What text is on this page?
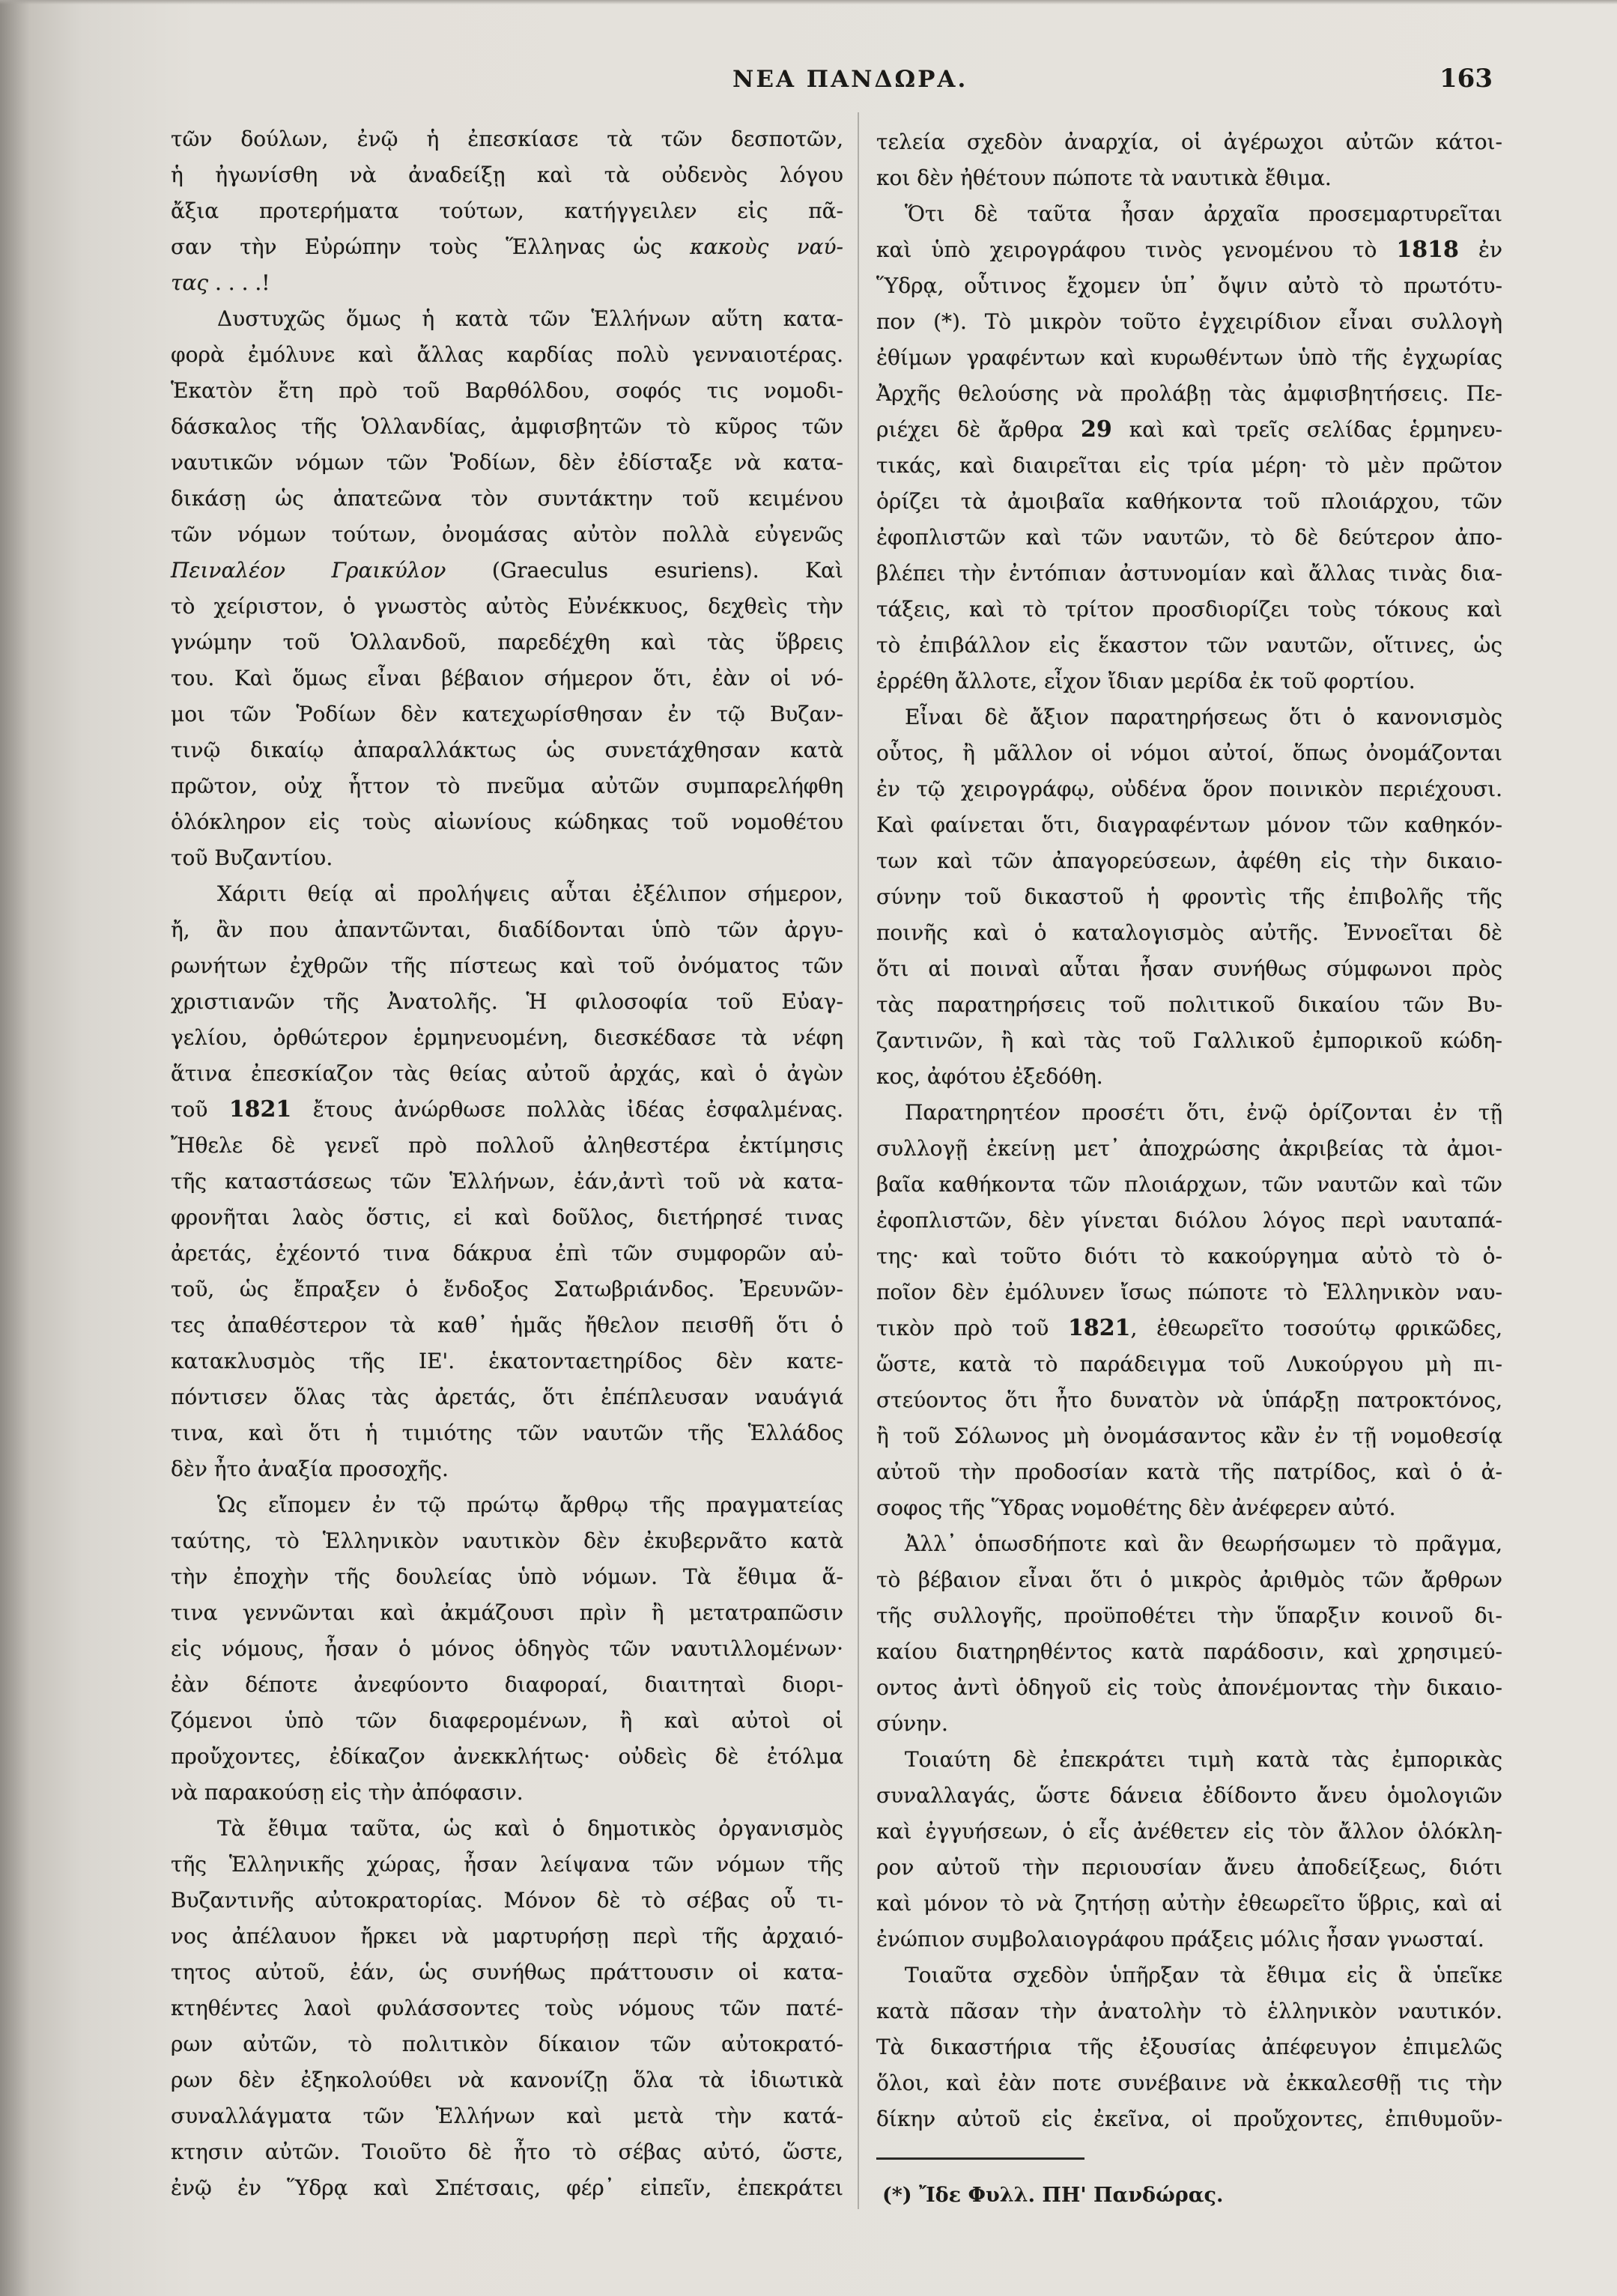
ΝΕΑ ΠΑΝΔΩΡΑ.	163
τῶν δούλων, ἐνῷ ἡ ἐπεσκίασε τὰ τῶν δεσποτῶν,
ἡ ἠγωνίσθη νὰ ἀναδείξῃ καὶ τὰ οὐδενὸς λόγου
ἄξια προτερήματα τούτων, κατήγγειλεν εἰς πᾶ-
σαν τὴν Εὐρώπην τοὺς Ἕλληνας ὡς κακοὺς ναύ-
τας . . . .!
Δυστυχῶς ὅμως ἡ κατὰ τῶν Ἑλλήνων αὕτη κατα-
φορὰ ἐμόλυνε καὶ ἄλλας καρδίας πολὺ γενναιοτέρας.
Ἑκατὸν ἔτη πρὸ τοῦ Βαρθόλδου, σοφός τις νομοδι-
δάσκαλος τῆς Ὁλλανδίας, ἀμφισβητῶν τὸ κῦρος τῶν
ναυτικῶν νόμων τῶν Ῥοδίων, δὲν ἐδίσταξε νὰ κατα-
δικάσῃ ὡς ἀπατεῶνα τὸν συντάκτην τοῦ κειμένου
τῶν νόμων τούτων, ὀνομάσας αὐτὸν πολλὰ εὐγενῶς
Πειναλέον Γραικύλον (Graeculus esuriens). Καὶ
τὸ χείριστον, ὁ γνωστὸς αὐτὸς Εὐνέκκυος, δεχθεὶς τὴν
γνώμην τοῦ Ὁλλανδοῦ, παρεδέχθη καὶ τὰς ὕβρεις
του. Καὶ ὅμως εἶναι βέβαιον σήμερον ὅτι, ἐὰν οἱ νό-
μοι τῶν Ῥοδίων δὲν κατεχωρίσθησαν ἐν τῷ Βυζαν-
τινῷ δικαίῳ ἀπαραλλάκτως ὡς συνετάχθησαν κατὰ
πρῶτον, οὐχ ἧττον τὸ πνεῦμα αὐτῶν συμπαρελήφθη
ὁλόκληρον εἰς τοὺς αἰωνίους κώδηκας τοῦ νομοθέτου
τοῦ Βυζαντίου.
Χάριτι θείᾳ αἱ προλήψεις αὗται ἐξέλιπον σήμερον,
ἤ, ἂν που ἀπαντῶνται, διαδίδονται ὑπὸ τῶν ἀργυ-
ρωνήτων ἐχθρῶν τῆς πίστεως καὶ τοῦ ὀνόματος τῶν
χριστιανῶν τῆς Ἀνατολῆς. Ἡ φιλοσοφία τοῦ Εὐαγ-
γελίου, ὀρθώτερον ἑρμηνευομένη, διεσκέδασε τὰ νέφη
ἅτινα ἐπεσκίαζον τὰς θείας αὐτοῦ ἀρχάς, καὶ ὁ ἀγὼν
τοῦ 1821 ἔτους ἀνώρθωσε πολλὰς ἰδέας ἐσφαλμένας.
Ἤθελε δὲ γενεῖ πρὸ πολλοῦ ἀληθεστέρα ἐκτίμησις
τῆς καταστάσεως τῶν Ἑλλήνων, ἐάν,ἀντὶ τοῦ νὰ κατα-
φρονῆται λαὸς ὅστις, εἰ καὶ δοῦλος, διετήρησέ τινας
ἀρετάς, ἐχέοντό τινα δάκρυα ἐπὶ τῶν συμφορῶν αὐ-
τοῦ, ὡς ἔπραξεν ὁ ἔνδοξος Σατωβριάνδος. Ἐρευνῶν-
τες ἀπαθέστερον τὰ καθ᾽ ἡμᾶς ἤθελον πεισθῆ ὅτι ὁ
κατακλυσμὸς τῆς ΙΕ'. ἑκατονταετηρίδος δὲν κατε-
πόντισεν ὅλας τὰς ἀρετάς, ὅτι ἐπέπλευσαν ναυάγιά
τινα, καὶ ὅτι ἡ τιμιότης τῶν ναυτῶν τῆς Ἑλλάδος
δὲν ἦτο ἀναξία προσοχῆς.
Ὡς εἴπομεν ἐν τῷ πρώτῳ ἄρθρῳ τῆς πραγματείας
ταύτης, τὸ Ἑλληνικὸν ναυτικὸν δὲν ἐκυβερνᾶτο κατὰ
τὴν ἐποχὴν τῆς δουλείας ὑπὸ νόμων. Τὰ ἔθιμα ἅ-
τινα γεννῶνται καὶ ἀκμάζουσι πρὶν ἢ μετατραπῶσιν
εἰς νόμους, ἦσαν ὁ μόνος ὁδηγὸς τῶν ναυτιλλομένων·
ἐὰν δέποτε ἀνεφύοντο διαφοραί, διαιτηταὶ διορι-
ζόμενοι ὑπὸ τῶν διαφερομένων, ἢ καὶ αὐτοὶ οἱ
προὔχοντες, ἐδίκαζον ἀνεκκλήτως· οὐδεὶς δὲ ἐτόλμα
νὰ παρακούσῃ εἰς τὴν ἀπόφασιν.
Τὰ ἔθιμα ταῦτα, ὡς καὶ ὁ δημοτικὸς ὀργανισμὸς
τῆς Ἑλληνικῆς χώρας, ἦσαν λείψανα τῶν νόμων τῆς
Βυζαντινῆς αὐτοκρατορίας. Μόνον δὲ τὸ σέβας οὗ τι-
νος ἀπέλαυον ἤρκει νὰ μαρτυρήσῃ περὶ τῆς ἀρχαιό-
τητος αὐτοῦ, ἐάν, ὡς συνήθως πράττουσιν οἱ κατα-
κτηθέντες λαοὶ φυλάσσοντες τοὺς νόμους τῶν πατέ-
ρων αὐτῶν, τὸ πολιτικὸν δίκαιον τῶν αὐτοκρατό-
ρων δὲν ἐξηκολούθει νὰ κανονίζῃ ὅλα τὰ ἰδιωτικὰ
συναλλάγματα τῶν Ἑλλήνων καὶ μετὰ τὴν κατά-
κτησιν αὐτῶν. Τοιοῦτο δὲ ἦτο τὸ σέβας αὐτό, ὥστε,
ἐνῷ ἐν Ὕδρᾳ καὶ Σπέτσαις, φέρ᾽ εἰπεῖν, ἐπεκράτει
τελεία σχεδὸν ἀναρχία, οἱ ἀγέρωχοι αὐτῶν κάτοι-
κοι δὲν ἠθέτουν πώποτε τὰ ναυτικὰ ἔθιμα.
Ὅτι δὲ ταῦτα ἦσαν ἀρχαῖα προσεμαρτυρεῖται
καὶ ὑπὸ χειρογράφου τινὸς γενομένου τὸ 1818 ἐν
Ὕδρᾳ, οὗτινος ἔχομεν ὑπ᾽ ὄψιν αὐτὸ τὸ πρωτότυ-
πον (*). Τὸ μικρὸν τοῦτο ἐγχειρίδιον εἶναι συλλογὴ
ἐθίμων γραφέντων καὶ κυρωθέντων ὑπὸ τῆς ἐγχωρίας
Ἀρχῆς θελούσης νὰ προλάβῃ τὰς ἀμφισβητήσεις. Πε-
ριέχει δὲ ἄρθρα 29 καὶ καὶ τρεῖς σελίδας ἑρμηνευ-
τικάς, καὶ διαιρεῖται εἰς τρία μέρη· τὸ μὲν πρῶτον
ὁρίζει τὰ ἀμοιβαῖα καθήκοντα τοῦ πλοιάρχου, τῶν
ἐφοπλιστῶν καὶ τῶν ναυτῶν, τὸ δὲ δεύτερον ἀπο-
βλέπει τὴν ἐντόπιαν ἀστυνομίαν καὶ ἄλλας τινὰς δια-
τάξεις, καὶ τὸ τρίτον προσδιορίζει τοὺς τόκους καὶ
τὸ ἐπιβάλλον εἰς ἕκαστον τῶν ναυτῶν, οἵτινες, ὡς
ἐρρέθη ἄλλοτε, εἶχον ἴδιαν μερίδα ἐκ τοῦ φορτίου.
Εἶναι δὲ ἄξιον παρατηρήσεως ὅτι ὁ κανονισμὸς
οὗτος, ἢ μᾶλλον οἱ νόμοι αὐτοί, ὅπως ὀνομάζονται
ἐν τῷ χειρογράφῳ, οὐδένα ὅρον ποινικὸν περιέχουσι.
Καὶ φαίνεται ὅτι, διαγραφέντων μόνον τῶν καθηκόν-
των καὶ τῶν ἀπαγορεύσεων, ἀφέθη εἰς τὴν δικαιο-
σύνην τοῦ δικαστοῦ ἡ φροντὶς τῆς ἐπιβολῆς τῆς
ποινῆς καὶ ὁ καταλογισμὸς αὐτῆς. Ἐννοεῖται δὲ
ὅτι αἱ ποιναὶ αὗται ἦσαν συνήθως σύμφωνοι πρὸς
τὰς παρατηρήσεις τοῦ πολιτικοῦ δικαίου τῶν Βυ-
ζαντινῶν, ἢ καὶ τὰς τοῦ Γαλλικοῦ ἐμπορικοῦ κώδη-
κος, ἀφότου ἐξεδόθη.
Παρατηρητέον προσέτι ὅτι, ἐνῷ ὁρίζονται ἐν τῇ
συλλογῇ ἐκείνῃ μετ᾽ ἀποχρώσης ἀκριβείας τὰ ἀμοι-
βαῖα καθήκοντα τῶν πλοιάρχων, τῶν ναυτῶν καὶ τῶν
ἐφοπλιστῶν, δὲν γίνεται διόλου λόγος περὶ ναυταπά-
της· καὶ τοῦτο διότι τὸ κακούργημα αὐτὸ τὸ ὁ-
ποῖον δὲν ἐμόλυνεν ἴσως πώποτε τὸ Ἑλληνικὸν ναυ-
τικὸν πρὸ τοῦ 1821, ἐθεωρεῖτο τοσούτῳ φρικῶδες,
ὥστε, κατὰ τὸ παράδειγμα τοῦ Λυκούργου μὴ πι-
στεύοντος ὅτι ἦτο δυνατὸν νὰ ὑπάρξῃ πατροκτόνος,
ἢ τοῦ Σόλωνος μὴ ὀνομάσαντος κἂν ἐν τῇ νομοθεσίᾳ
αὐτοῦ τὴν προδοσίαν κατὰ τῆς πατρίδος, καὶ ὁ ἀ-
σοφος τῆς Ὕδρας νομοθέτης δὲν ἀνέφερεν αὐτό.
Ἀλλ᾽ ὁπωσδήποτε καὶ ἂν θεωρήσωμεν τὸ πρᾶγμα,
τὸ βέβαιον εἶναι ὅτι ὁ μικρὸς ἀριθμὸς τῶν ἄρθρων
τῆς συλλογῆς, προϋποθέτει τὴν ὕπαρξιν κοινοῦ δι-
καίου διατηρηθέντος κατὰ παράδοσιν, καὶ χρησιμεύ-
οντος ἀντὶ ὁδηγοῦ εἰς τοὺς ἀπονέμοντας τὴν δικαιο-
σύνην.
Τοιαύτη δὲ ἐπεκράτει τιμὴ κατὰ τὰς ἐμπορικὰς
συναλλαγάς, ὥστε δάνεια ἐδίδοντο ἄνευ ὁμολογιῶν
καὶ ἐγγυήσεων, ὁ εἷς ἀνέθετεν εἰς τὸν ἄλλον ὁλόκλη-
ρον αὐτοῦ τὴν περιουσίαν ἄνευ ἀποδείξεως, διότι
καὶ μόνον τὸ νὰ ζητήσῃ αὐτὴν ἐθεωρεῖτο ὕβρις, καὶ αἱ
ἐνώπιον συμβολαιογράφου πράξεις μόλις ἦσαν γνωσταί.
Τοιαῦτα σχεδὸν ὑπῆρξαν τὰ ἔθιμα εἰς ἃ ὑπεῖκε
κατὰ πᾶσαν τὴν ἀνατολὴν τὸ ἑλληνικὸν ναυτικόν.
Τὰ δικαστήρια τῆς ἐξουσίας ἀπέφευγον ἐπιμελῶς
ὅλοι, καὶ ἐὰν ποτε συνέβαινε νὰ ἐκκαλεσθῇ τις τὴν
δίκην αὐτοῦ εἰς ἐκεῖνα, οἱ προὔχοντες, ἐπιθυμοῦν-
(*) Ἴδε Φυλλ. ΠΗ' Πανδώρας.
